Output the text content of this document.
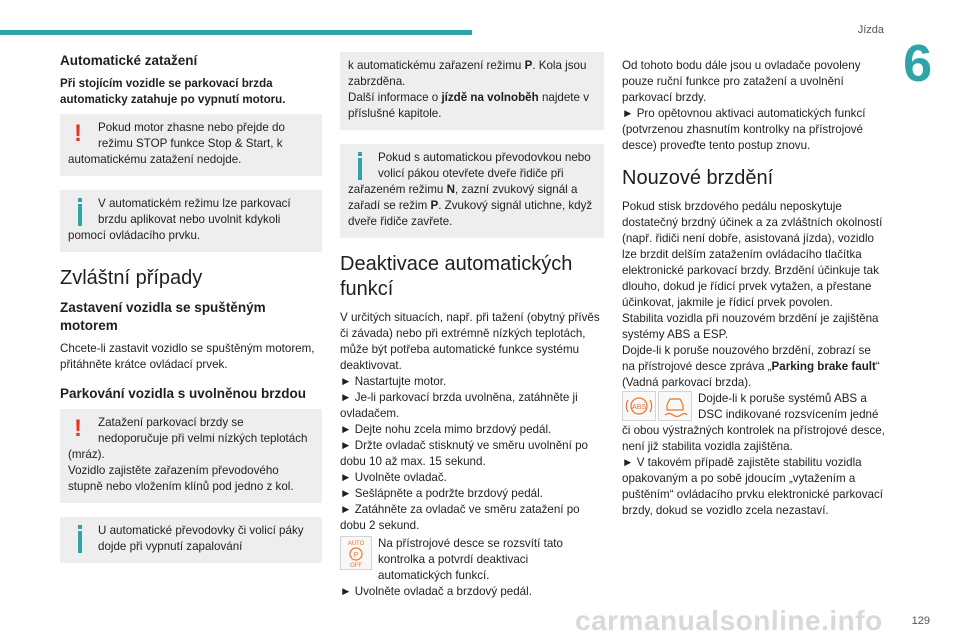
Jízda
6
Automatické zatažení

Při stojícím vozidle se parkovací brzda automaticky zatahuje po vypnutí motoru.

!	Pokud motor zhasne nebo přejde do režimu STOP funkce Stop & Start, k automatickému zatažení nedojde.
V automatickém režimu lze parkovací brzdu aplikovat nebo uvolnit kdykoli pomocí ovládacího prvku.
Zvláštní případy
Zastavení vozidla se spuštěným motorem

Chcete-li zastavit vozidlo se spuštěným motorem, přitáhněte krátce ovládací prvek.

Parkování vozidla s uvolněnou brzdou
!	Zatažení parkovací brzdy se nedoporučuje při velmi nízkých teplotách (mráz).
Vozidlo zajistěte zařazením převodového stupně nebo vložením klínů pod jedno z kol.
U automatické převodovky či volicí páky dojde při vypnutí zapalování
k automatickému zařazení režimu P. Kola jsou zabrzděna.
Další informace o jízdě na volnoběh najdete v příslušné kapitole.
Pokud s automatickou převodovkou nebo volicí pákou otevřete dveře řidiče při zařazeném režimu N, zazní zvukový signál a zařadí se režim P. Zvukový signál utichne, když dveře řidiče zavřete.
Deaktivace automatických funkcí

V určitých situacích, např. při tažení (obytný přívěs či závada) nebo při extrémně nízkých teplotách, může být potřeba automatické funkce systému deaktivovat.

► Nastartujte motor.
► Je-li parkovací brzda uvolněna, zatáhněte ji ovladačem.
► Dejte nohu zcela mimo brzdový pedál.
► Držte ovladač stisknutý ve směru uvolnění po dobu 10 až max. 15 sekund.
► Uvolněte ovladač.
► Sešlápněte a podržte brzdový pedál.
► Zatáhněte za ovladač ve směru zatažení po dobu 2 sekund.
AUTO
P
OFF
Na přístrojové desce se rozsvítí tato kontrolka a potvrdí deaktivaci automatických funkcí.
► Uvolněte ovladač a brzdový pedál.

Od tohoto bodu dále jsou u ovladače povoleny pouze ruční funkce pro zatažení a uvolnění parkovací brzdy.

► Pro opětovnou aktivaci automatických funkcí (potvrzenou zhasnutím kontrolky na přístrojové desce) proveďte tento postup znovu.

Nouzové brzdění

Pokud stisk brzdového pedálu neposkytuje dostatečný brzdný účinek a za zvláštních okolností (např. řidiči není dobře, asistovaná jízda), vozidlo lze brzdit delším zatažením ovládacího tlačítka elektronické parkovací brzdy. Brzdění účinkuje tak dlouho, dokud je řídicí prvek vytažen, a přestane účinkovat, jakmile je řídicí prvek povolen.

Stabilita vozidla při nouzovém brzdění je zajištěna systémy ABS a ESP.

Dojde-li k poruše nouzového brzdění, zobrazí se na přístrojové desce zpráva „Parking brake fault“ (Vadná parkovací brzda).

ABS
Dojde-li k poruše systémů ABS a DSC indikované rozsvícením jedné či obou výstražných kontrolek na přístrojové desce, není již stabilita vozidla zajištěna.

► V takovém případě zajistěte stabilitu vozidla opakovaným a po sobě jdoucím „vytažením a puštěním“ ovládacího prvku elektronické parkovací brzdy, dokud se vozidlo zcela nezastaví.

carmanualsonline.info	129
